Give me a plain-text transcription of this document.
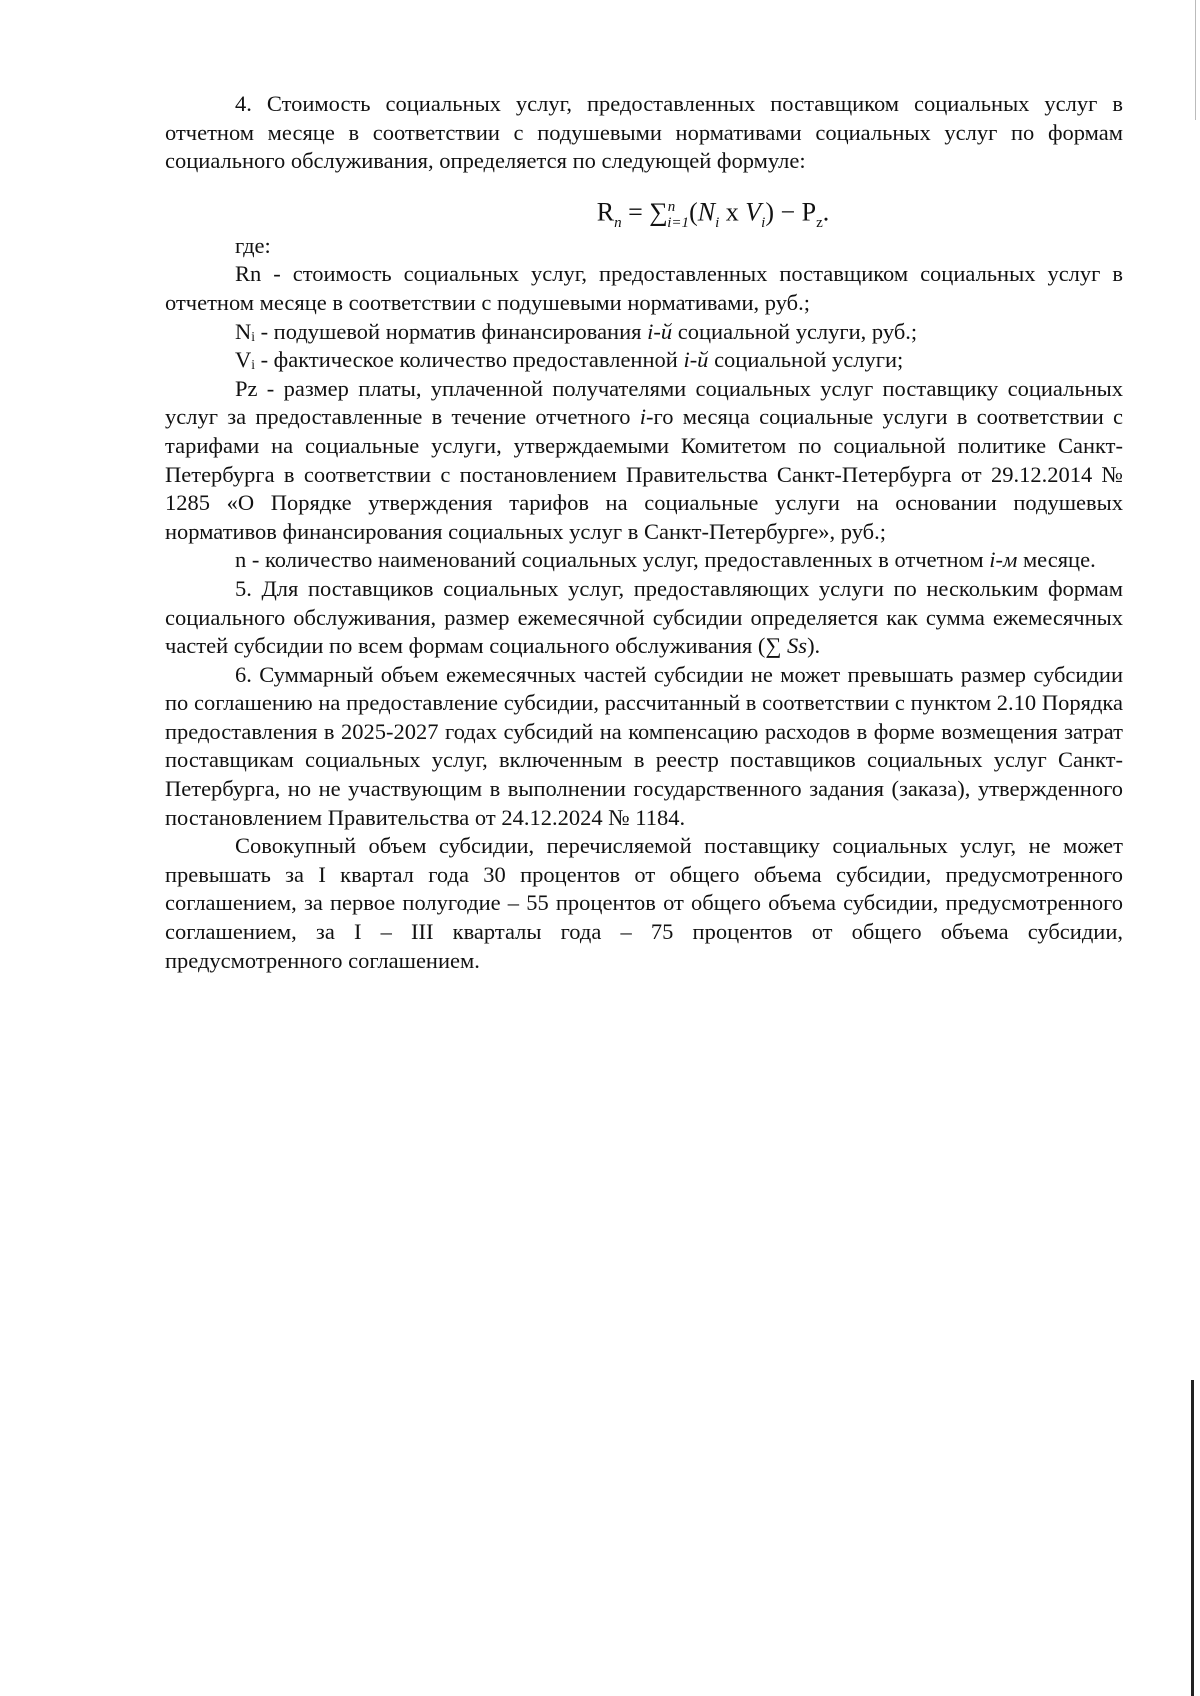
4. Стоимость социальных услуг, предоставленных поставщиком социальных услуг в отчетном месяце в соответствии с подушевыми нормативами социальных услуг по формам социального обслуживания, определяется по следующей формуле:

$R_n = \sum^n_{i=1}(N_i$ x $V_i) - P_z$.

где:

Rn - стоимость социальных услуг, предоставленных поставщиком социальных услуг в отчетном месяце в соответствии с подушевыми нормативами, руб.;

Nᵢ - подушевой норматив финансирования i-й социальной услуги, руб.;

Vᵢ - фактическое количество предоставленной i-й социальной услуги;

Pz - размер платы, уплаченной получателями социальных услуг поставщику социальных услуг за предоставленные в течение отчетного i-го месяца социальные услуги в соответствии с тарифами на социальные услуги, утверждаемыми Комитетом по социальной политике Санкт-Петербурга в соответствии с постановлением Правительства Санкт-Петербурга от 29.12.2014 № 1285 «О Порядке утверждения тарифов на социальные услуги на основании подушевых нормативов финансирования социальных услуг в Санкт-Петербурге», руб.;

n - количество наименований социальных услуг, предоставленных в отчетном i-м месяце.

5. Для поставщиков социальных услуг, предоставляющих услуги по нескольким формам социального обслуживания, размер ежемесячной субсидии определяется как сумма ежемесячных частей субсидии по всем формам социального обслуживания (∑ Ss).

6. Суммарный объем ежемесячных частей субсидии не может превышать размер субсидии по соглашению на предоставление субсидии, рассчитанный в соответствии с пунктом 2.10 Порядка предоставления в 2025-2027 годах субсидий на компенсацию расходов в форме возмещения затрат поставщикам социальных услуг, включенным в реестр поставщиков социальных услуг Санкт-Петербурга, но не участвующим в выполнении государственного задания (заказа), утвержденного постановлением Правительства от 24.12.2024 № 1184.

Совокупный объем субсидии, перечисляемой поставщику социальных услуг, не может превышать за I квартал года 30 процентов от общего объема субсидии, предусмотренного соглашением, за первое полугодие – 55 процентов от общего объема субсидии, предусмотренного соглашением, за I – III кварталы года – 75 процентов от общего объема субсидии, предусмотренного соглашением.
